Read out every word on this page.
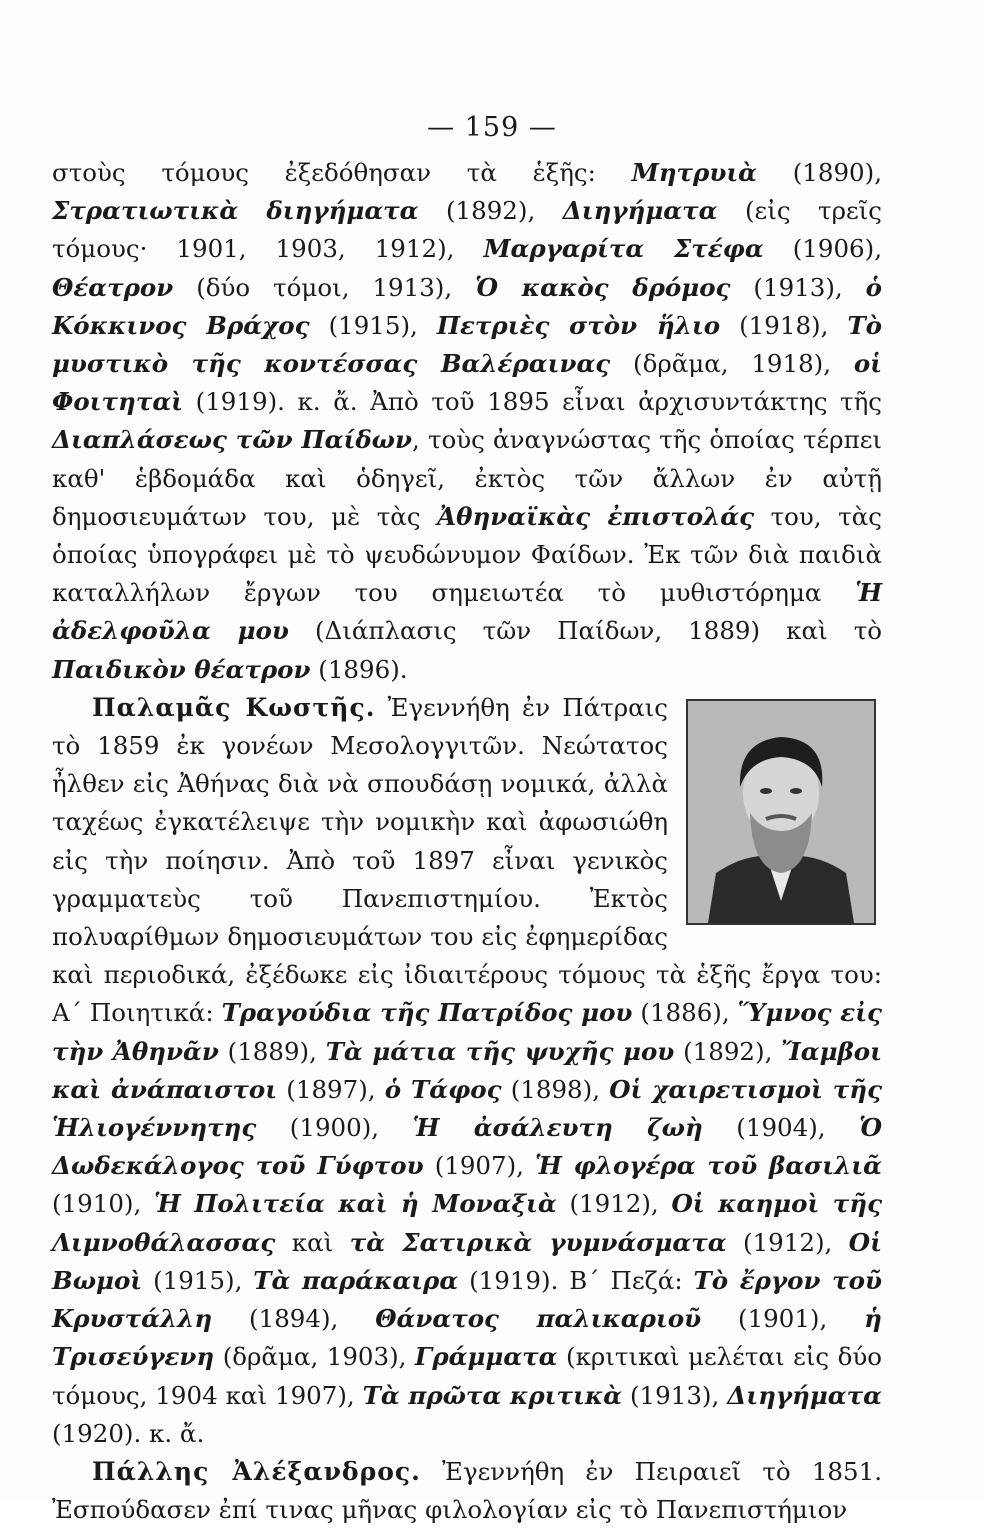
— 159 —

στοὺς τόμους ἐξεδόθησαν τὰ ἑξῆς: Μητρυιὰ (1890), Στρατιωτικὰ διηγήματα (1892), Διηγήματα (εἰς τρεῖς τόμους· 1901, 1903, 1912), Μαργαρίτα Στέφα (1906), Θέατρον (δύο τόμοι, 1913), Ὁ κακὸς δρόμος (1913), ὁ Κόκκινος Βράχος (1915), Πετριὲς στὸν ἥλιο (1918), Τὸ μυστικὸ τῆς κοντέσσας Βαλέραινας (δρᾶμα, 1918), οἱ Φοιτηταὶ (1919). κ. ἄ. Ἀπὸ τοῦ 1895 εἶναι ἀρχισυντάκτης τῆς Διαπλάσεως τῶν Παίδων, τοὺς ἀναγνώστας τῆς ὁποίας τέρπει καθ' ἑβδομάδα καὶ ὁδηγεῖ, ἐκτὸς τῶν ἄλλων ἐν αὐτῇ δημοσιευμάτων του, μὲ τὰς Ἀθηναϊκὰς ἐπιστολάς του, τὰς ὁποίας ὑπογράφει μὲ τὸ ψευδώνυμον Φαίδων. Ἐκ τῶν διὰ παιδιὰ καταλλήλων ἔργων του σημειωτέα τὸ μυθιστόρημα Ἡ ἀδελφοῦλα μου (Διάπλασις τῶν Παίδων, 1889) καὶ τὸ Παιδικὸν θέατρον (1896).

Παλαμᾶς Κωστῆς.
Ἐγεννήθη ἐν Πάτραις τὸ 1859 ἐκ γονέων Μεσολογγιτῶν. Νεώτατος ἦλθεν εἰς Ἀθήνας διὰ νὰ σπουδάσῃ νομικά, ἀλλὰ ταχέως ἐγκατέλειψε τὴν νομικὴν καὶ ἀφωσιώθη εἰς τὴν ποίησιν. Ἀπὸ τοῦ 1897 εἶναι γενικὸς γραμματεὺς τοῦ Πανεπιστημίου. Ἐκτὸς πολυαρίθμων δημοσιευμάτων του εἰς ἐφημερίδας καὶ περιοδικά, ἐξέδωκε εἰς ἰδιαιτέρους τόμους τὰ ἑξῆς ἔργα του: Α΄ Ποιητικά: Τραγούδια τῆς Πατρίδος μου (1886), Ὕμνος εἰς τὴν Ἀθηνᾶν (1889), Τὰ μάτια τῆς ψυχῆς μου (1892), Ἴαμβοι καὶ ἀνάπαιστοι (1897), ὁ Τάφος (1898), Οἱ χαιρετισμοὶ τῆς Ἡλιογέννητης (1900), Ἡ ἀσάλευτη ζωὴ (1904), Ὁ Δωδεκάλογος τοῦ Γύφτου (1907), Ἡ φλογέρα τοῦ βασιλιᾶ (1910), Ἡ Πολιτεία καὶ ἡ Μοναξιὰ (1912), Οἱ καημοὶ τῆς Λιμνοθάλασσας καὶ τὰ Σατιρικὰ γυμνάσματα (1912), Οἱ Βωμοὶ (1915), Τὰ παράκαιρα (1919). Β΄ Πεζά: Τὸ ἔργον τοῦ Κρυστάλλη (1894), Θάνατος παλικαριοῦ (1901), ἡ Τρισεύγενη (δρᾶμα, 1903), Γράμματα (κριτικαὶ μελέται εἰς δύο τόμους, 1904 καὶ 1907), Τὰ πρῶτα κριτικὰ (1913), Διηγήματα (1920). κ. ἄ.

Πάλλης Ἀλέξανδρος. Ἐγεννήθη ἐν Πειραιεῖ τὸ 1851. Ἐσπούδασεν ἐπί τινας μῆνας φιλολογίαν εἰς τὸ Πανεπιστήμιον
